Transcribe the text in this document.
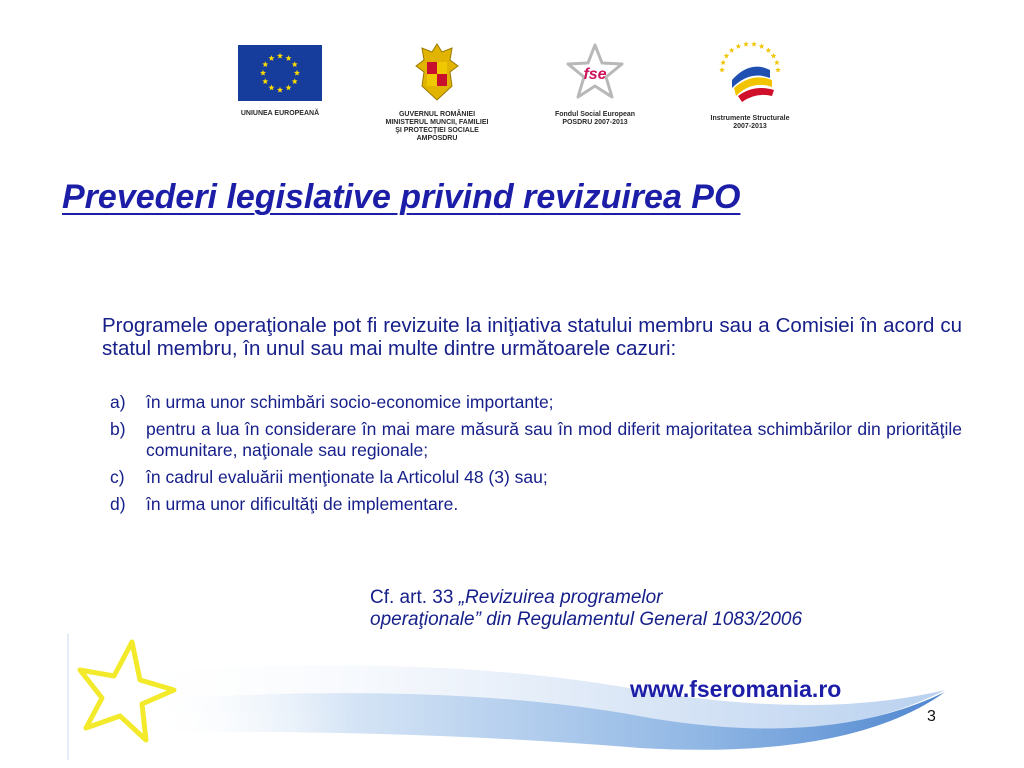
UNIUNEA EUROPEANĂ	GUVERNUL ROMÂNIEI
MINISTERUL MUNCII, FAMILIEI
ŞI PROTECŢIEI SOCIALE
AMPOSDRU
fse
Fondul Social European
POSDRU 2007-2013
Instrumente Structurale
2007-2013
Prevederi legislative privind revizuirea PO

Programele operaţionale pot fi revizuite la iniţiativa statului membru sau a Comisiei în acord cu statul membru, în unul sau mai multe dintre următoarele cazuri:

a) în urma unor schimbări socio-economice importante;
b) pentru a lua în considerare în mai mare măsură sau în mod diferit majoritatea schimbărilor din priorităţile comunitare, naţionale sau regionale;
c) în cadrul evaluării menţionate la Articolul 48 (3) sau;
d) în urma unor dificultăţi de implementare.

Cf. art. 33 „Revizuirea programelor
operaţionale” din Regulamentul General 1083/2006

www.fseromania.ro
3
